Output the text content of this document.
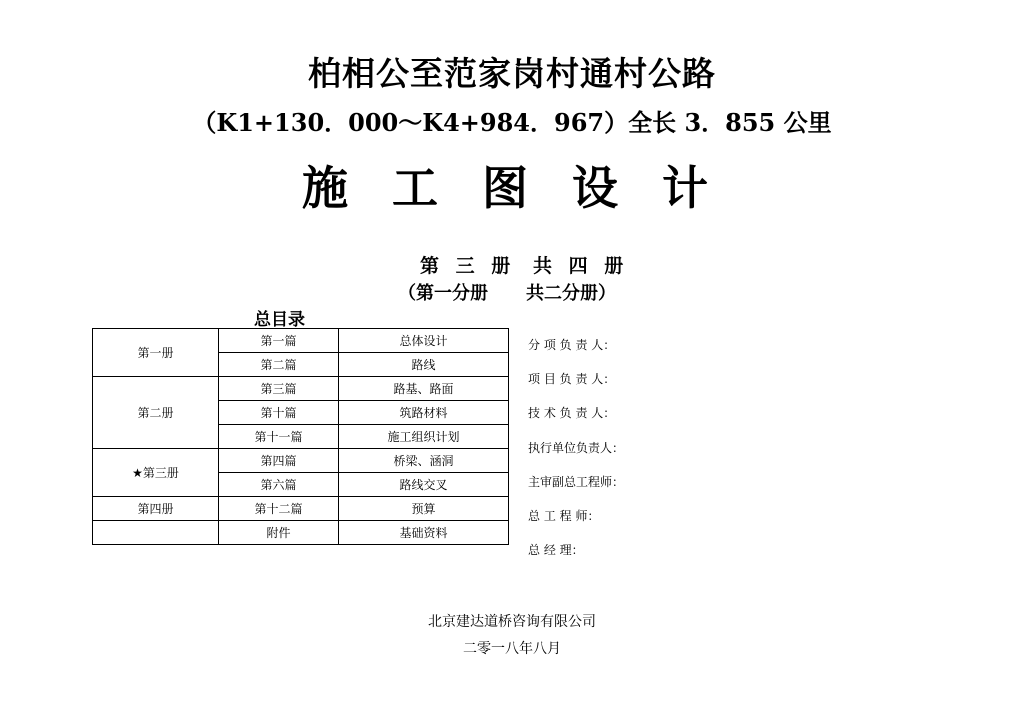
柏相公至范家岗村通村公路
（K1+130．000～K4+984．967）全长 3．855 公里
施 工 图 设 计
第 三 册 共 四 册
（第一分册 共二分册）
总目录
第一册	第一篇	总体设计
	第二篇	路线
第二册	第三篇	路基、路面
	第十篇	筑路材料
	第十一篇	施工组织计划
★第三册	第四篇	桥梁、涵洞
	第六篇	路线交叉
第四册	第十二篇	预算
	附件	基础资料
分 项 负 责 人：
项 目 负 责 人：
技 术 负 责 人：
执行单位负责人：
主审副总工程师：
总 工 程 师：
总 经 理：
北京建达道桥咨询有限公司
二零一八年八月
